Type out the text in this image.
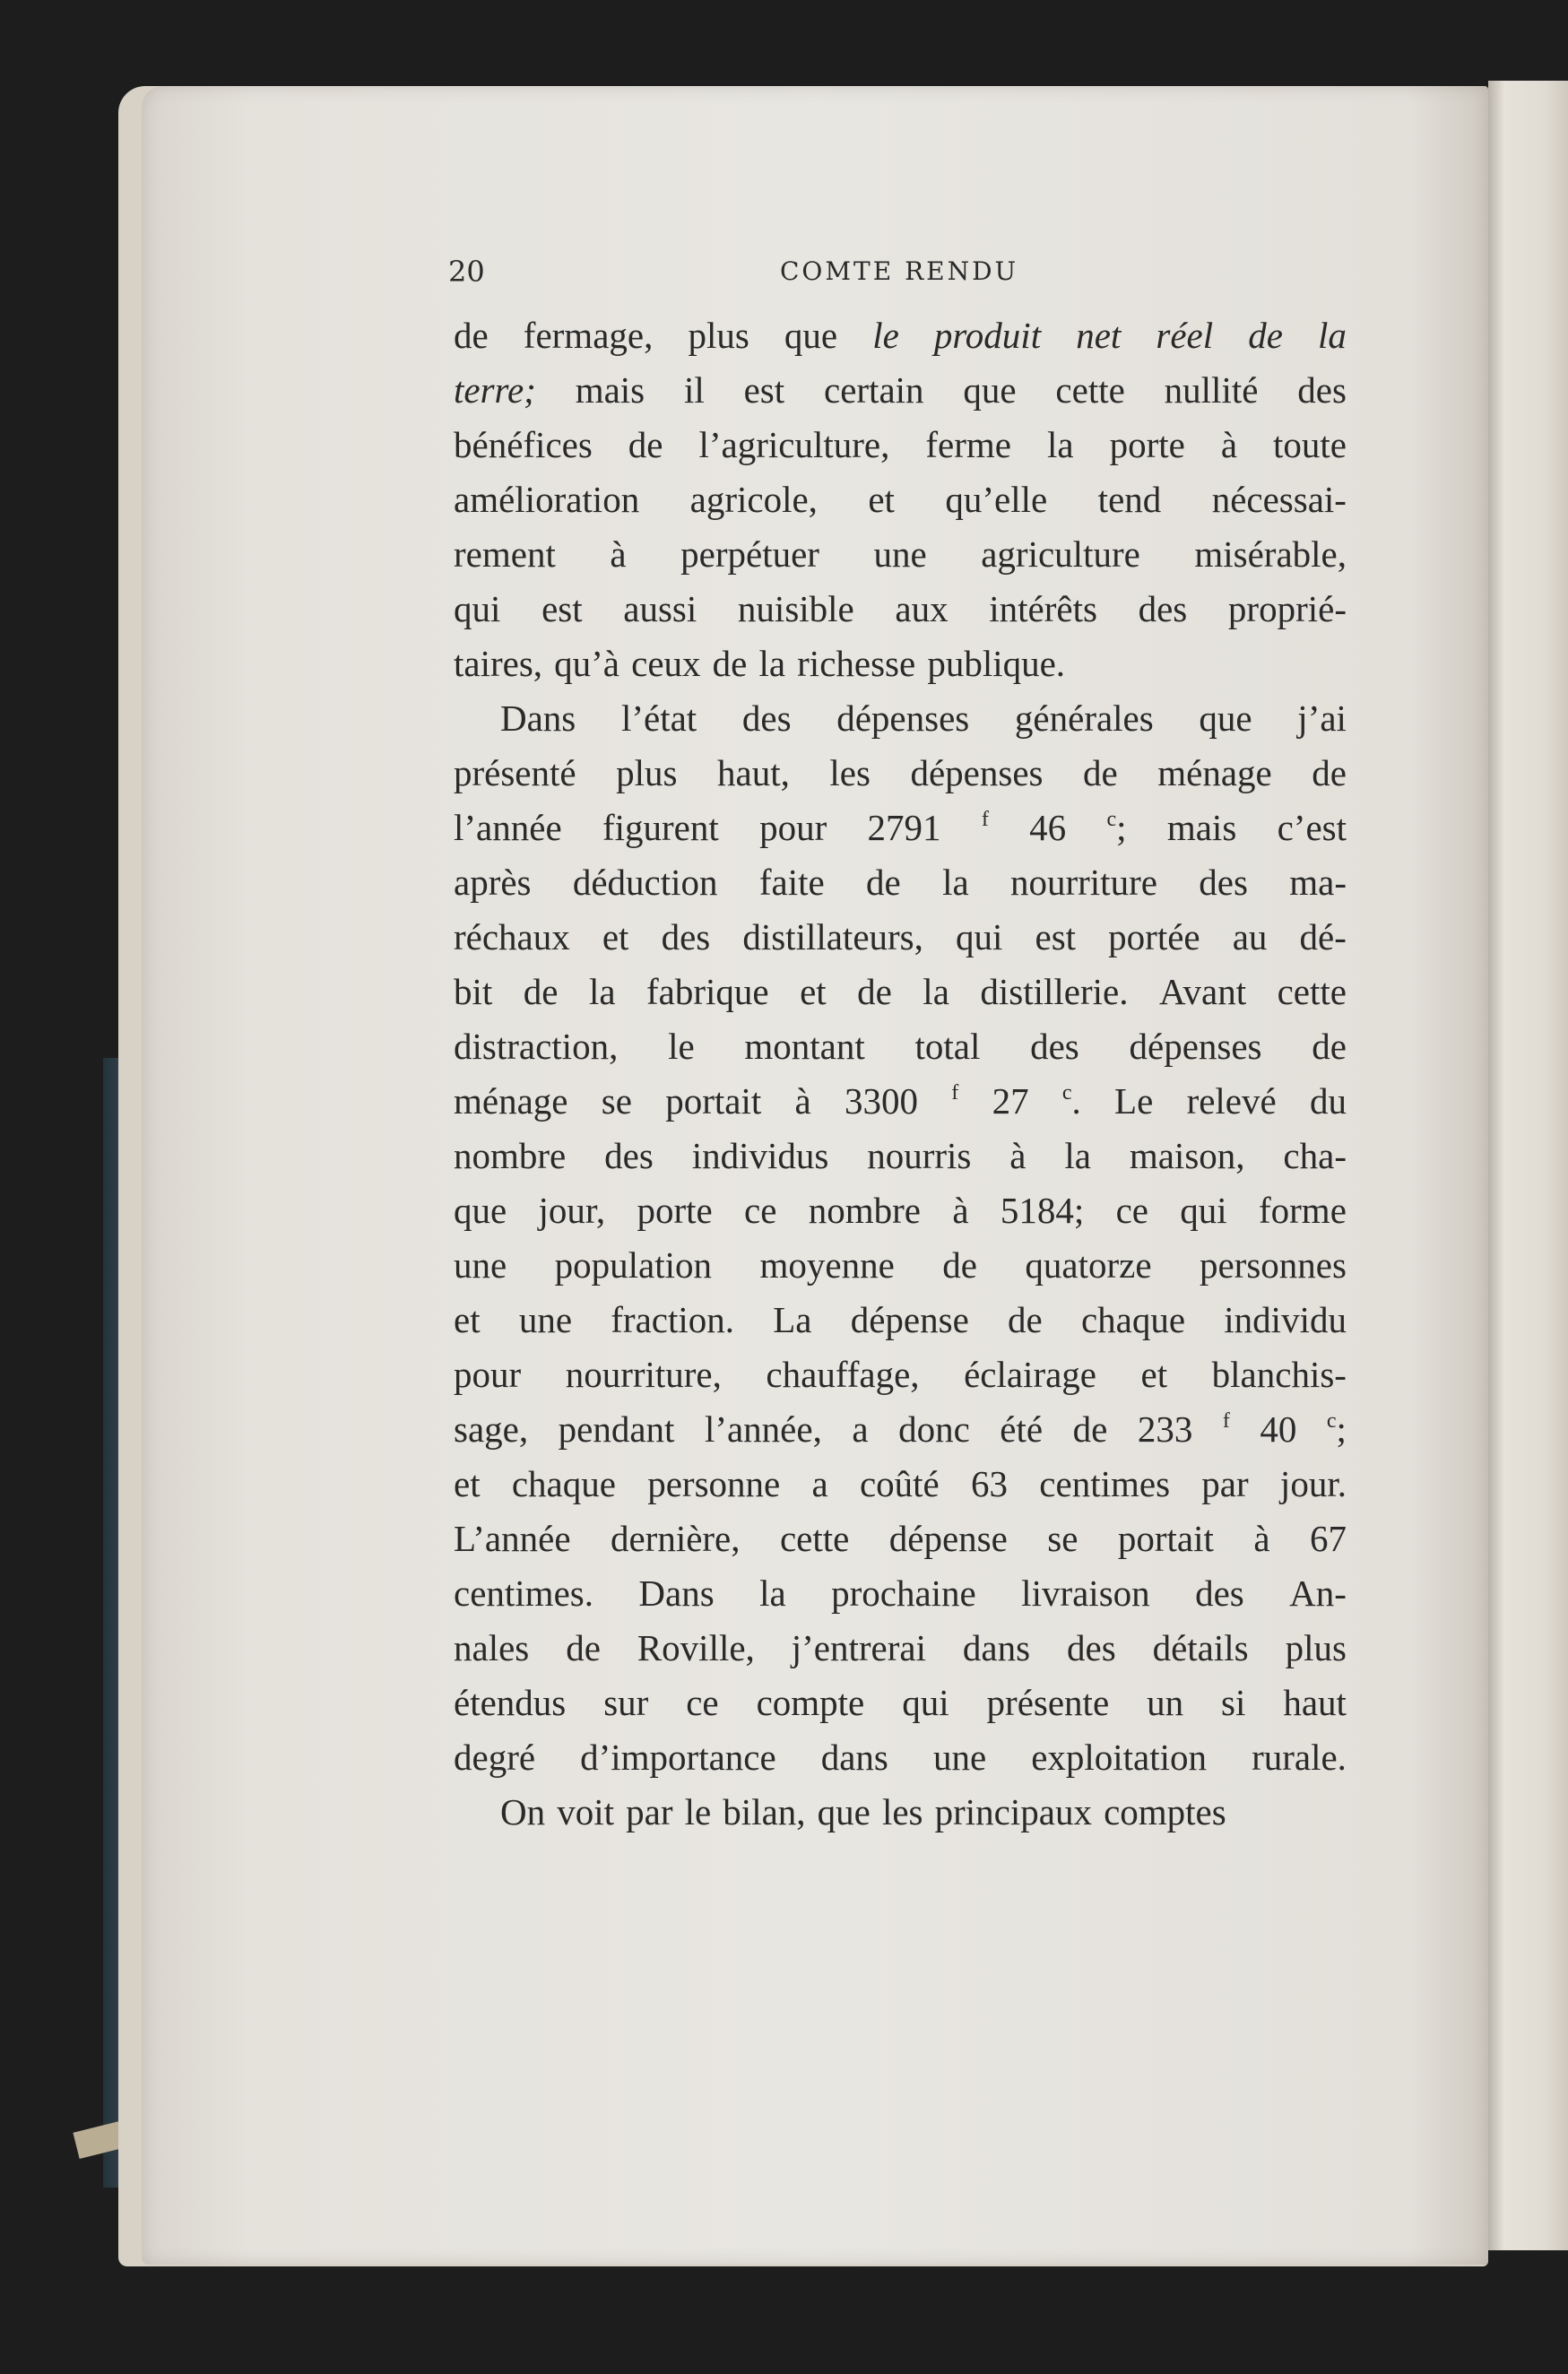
20	COMTE RENDU
de fermage, plus que le produit net réel de la
terre; mais il est certain que cette nullité des
bénéfices de l’agriculture, ferme la porte à toute
amélioration agricole, et qu’elle tend nécessai-
rement à perpétuer une agriculture misérable,
qui est aussi nuisible aux intérêts des proprié-
taires, qu’à ceux de la richesse publique.
Dans l’état des dépenses générales que j’ai
présenté plus haut, les dépenses de ménage de
l’année figurent pour 2791 $^f$ 46 $^c$; mais c’est
après déduction faite de la nourriture des ma-
réchaux et des distillateurs, qui est portée au dé-
bit de la fabrique et de la distillerie. Avant cette
distraction, le montant total des dépenses de
ménage se portait à 3300 $^f$ 27 $^c$. Le relevé du
nombre des individus nourris à la maison, cha-
que jour, porte ce nombre à 5184; ce qui forme
une population moyenne de quatorze personnes
et une fraction. La dépense de chaque individu
pour nourriture, chauffage, éclairage et blanchis-
sage, pendant l’année, a donc été de 233 $^f$ 40 $^c$;
et chaque personne a coûté 63 centimes par jour.
L’année dernière, cette dépense se portait à 67
centimes. Dans la prochaine livraison des An-
nales de Roville, j’entrerai dans des détails plus
étendus sur ce compte qui présente un si haut
degré d’importance dans une exploitation rurale.
On voit par le bilan, que les principaux comptes
